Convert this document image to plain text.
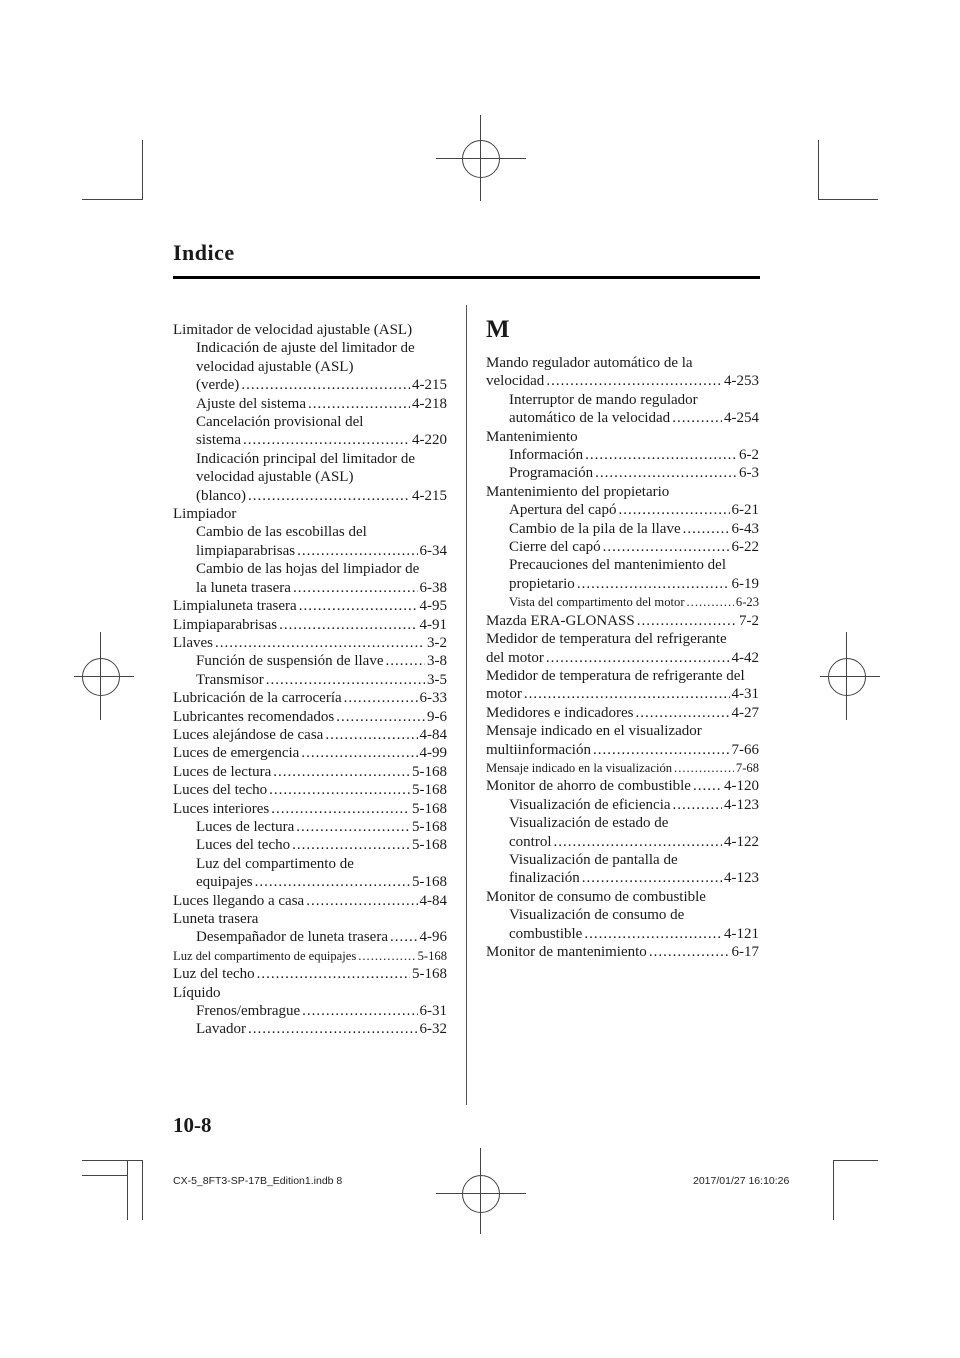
Indice
Limitador de velocidad ajustable (ASL)
Indicación de ajuste del limitador de
velocidad ajustable (ASL)
(verde) .....	4-215
Ajuste del sistema .....	4-218
Cancelación provisional del
sistema .....	4-220
Indicación principal del limitador de
velocidad ajustable (ASL)
(blanco) .....	4-215
Limpiador
Cambio de las escobillas del
limpiaparabrisas .....	6-34
Cambio de las hojas del limpiador de
la luneta trasera .....	6-38
Limpialuneta trasera .....	4-95
Limpiaparabrisas .....	4-91
Llaves .....	3-2
Función de suspensión de llave .....	3-8
Transmisor .....	3-5
Lubricación de la carrocería .....	6-33
Lubricantes recomendados .....	9-6
Luces alejándose de casa .....	4-84
Luces de emergencia .....	4-99
Luces de lectura .....	5-168
Luces del techo .....	5-168
Luces interiores .....	5-168
Luces de lectura .....	5-168
Luces del techo .....	5-168
Luz del compartimento de
equipajes .....	5-168
Luces llegando a casa .....	4-84
Luneta trasera
Desempañador de luneta trasera ..... 4-96
Luz del compartimento de equipajes .....	5-168
Luz del techo .....	5-168
Líquido
Frenos/embrague .....	6-31
Lavador .....	6-32
M
Mando regulador automático de la
velocidad .....	4-253
Interruptor de mando regulador
automático de la velocidad .....	4-254
Mantenimiento
Información .....	6-2
Programación .....	6-3
Mantenimiento del propietario
Apertura del capó .....	6-21
Cambio de la pila de la llave .....	6-43
Cierre del capó .....	6-22
Precauciones del mantenimiento del
propietario .....	6-19
Vista del compartimento del motor .....	6-23
Mazda ERA-GLONASS .....	7-2
Medidor de temperatura del refrigerante
del motor .....	4-42
Medidor de temperatura de refrigerante del
motor .....	4-31
Medidores e indicadores .....	4-27
Mensaje indicado en el visualizador
multiinformación .....	7-66
Mensaje indicado en la visualización .....	7-68
Monitor de ahorro de combustible ..... 4-120
Visualización de eficiencia .....	4-123
Visualización de estado de
control .....	4-122
Visualización de pantalla de
finalización .....	4-123
Monitor de consumo de combustible
Visualización de consumo de
combustible .....	4-121
Monitor de mantenimiento .....	6-17
10-8
CX-5_8FT3-SP-17B_Edition1.indb 8	2017/01/27 16:10:26
